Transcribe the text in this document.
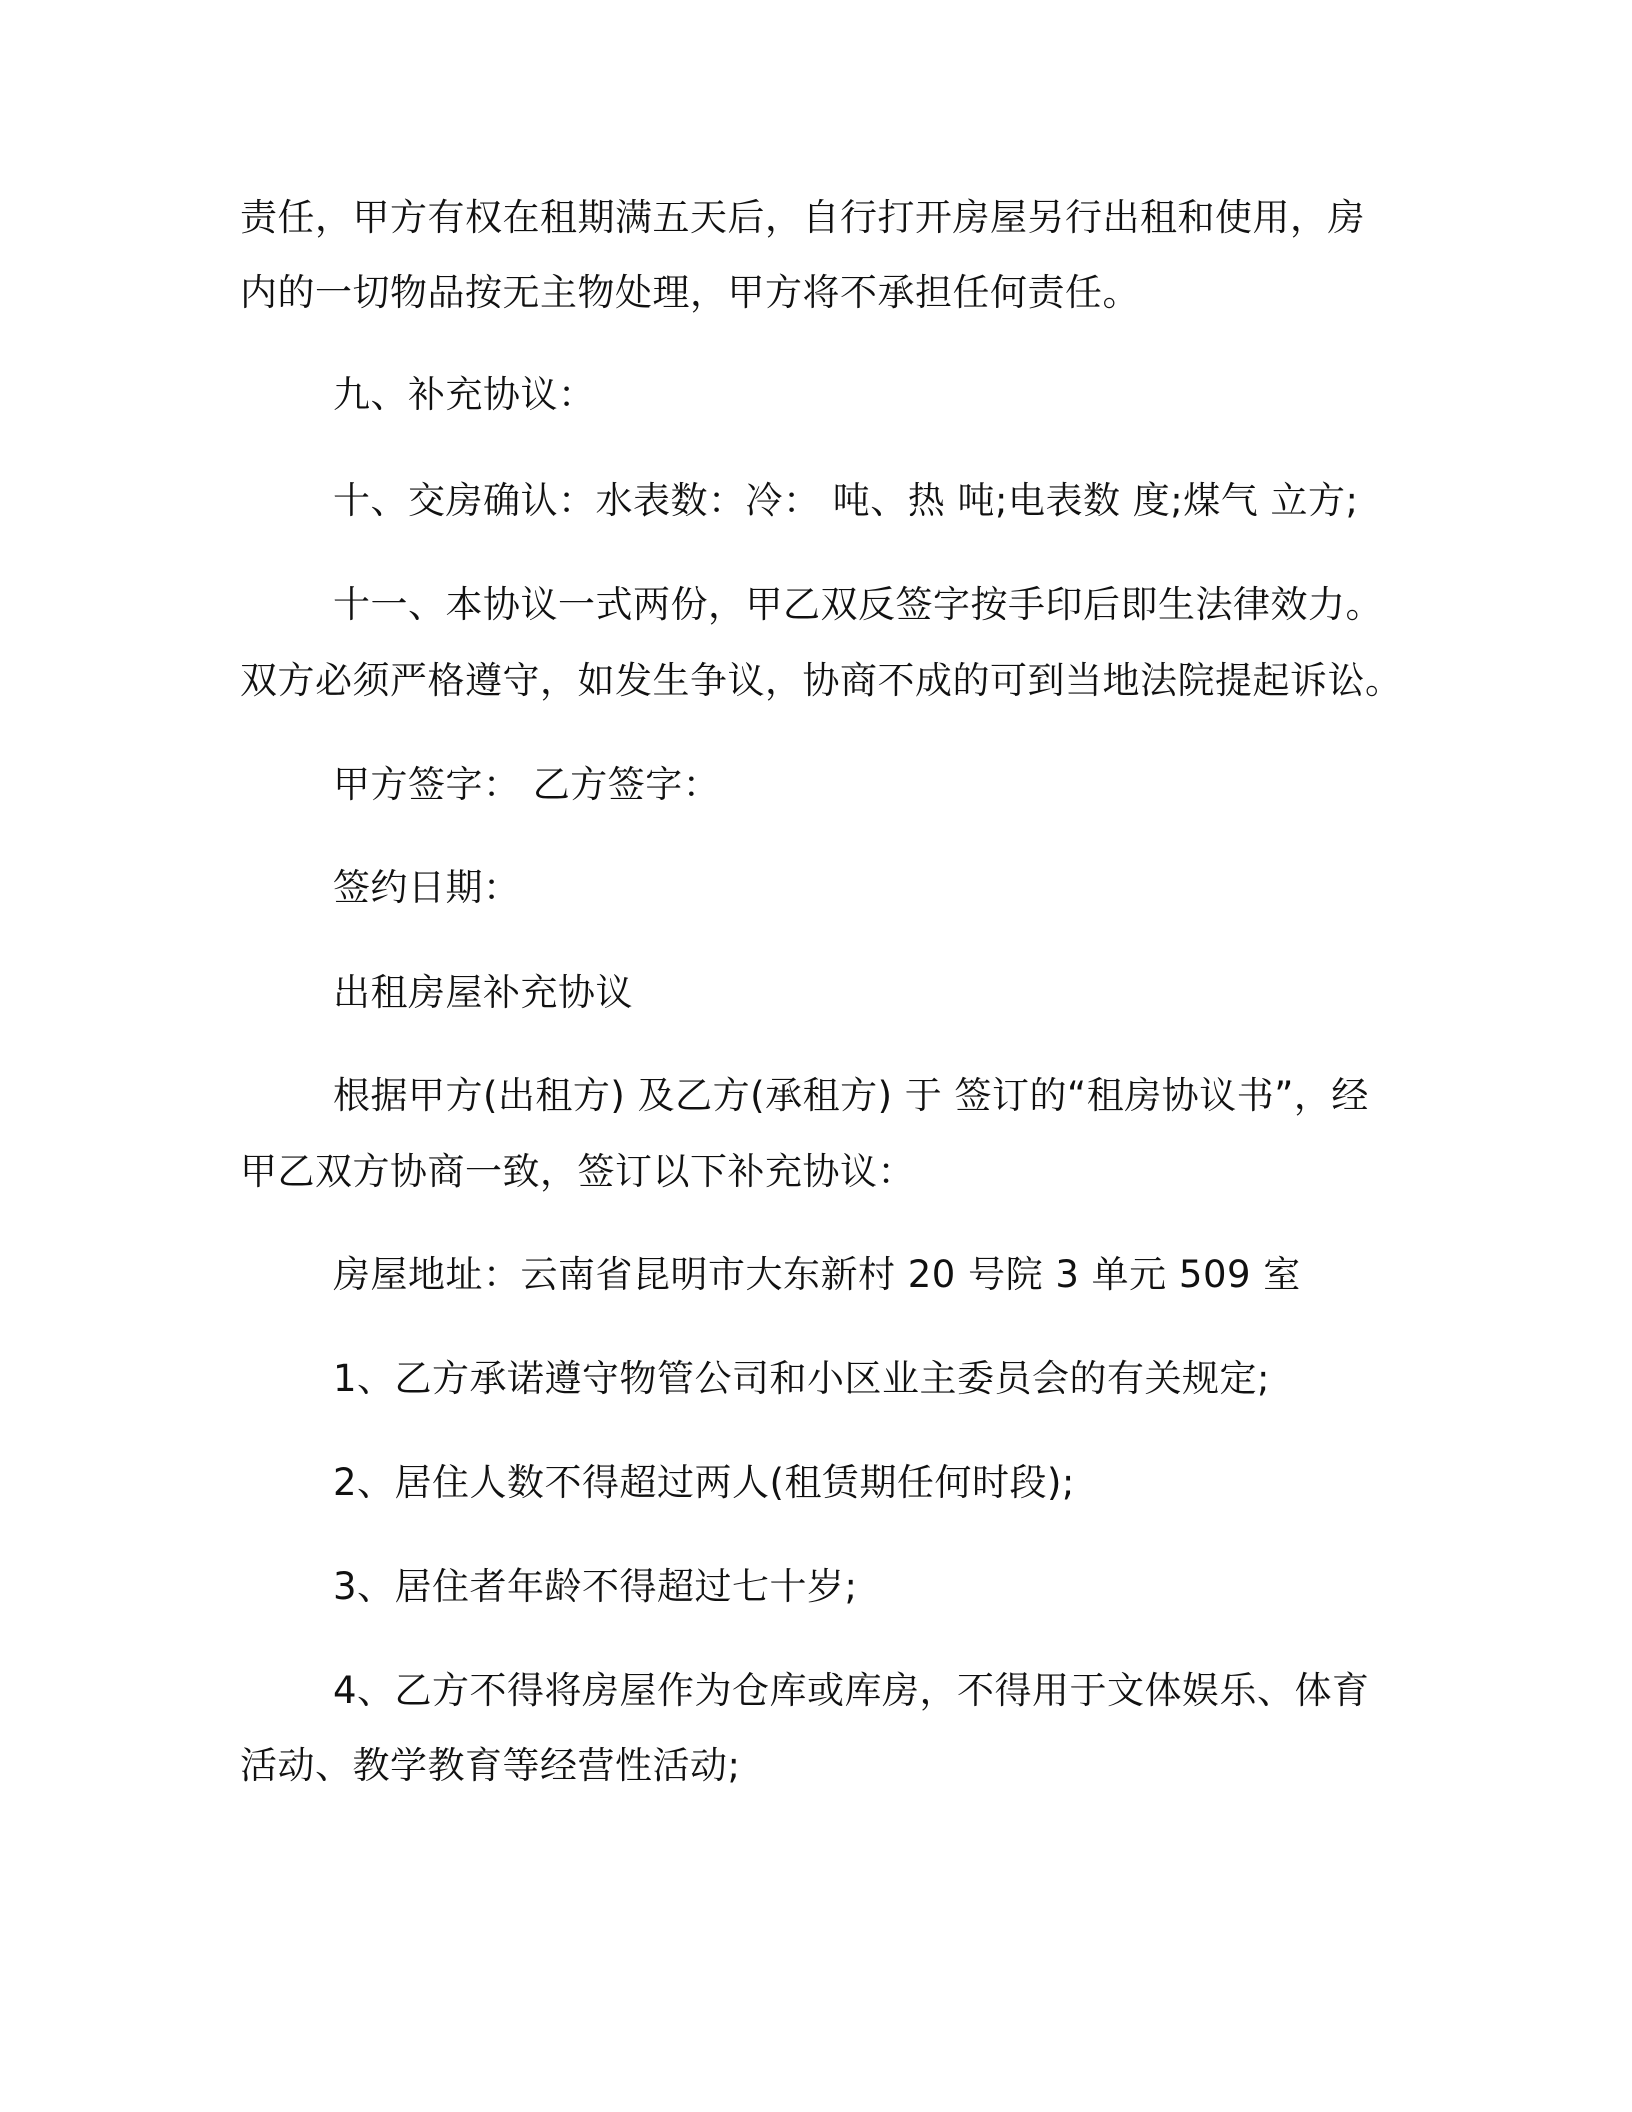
责任，甲方有权在租期满五天后，自行打开房屋另行出租和使用，房
内的一切物品按无主物处理，甲方将不承担任何责任。
九、补充协议：
十、交房确认：水表数：冷： 吨、热 吨;电表数 度;煤气 立方;
十一、本协议一式两份，甲乙双反签字按手印后即生法律效力。
双方必须严格遵守，如发生争议，协商不成的可到当地法院提起诉讼。
甲方签字： 乙方签字：
签约日期：
出租房屋补充协议
根据甲方(出租方) 及乙方(承租方) 于 签订的“租房协议书”，经
甲乙双方协商一致，签订以下补充协议：
房屋地址：云南省昆明市大东新村 20 号院 3 单元 509 室
1、乙方承诺遵守物管公司和小区业主委员会的有关规定;
2、居住人数不得超过两人(租赁期任何时段);
3、居住者年龄不得超过七十岁;
4、乙方不得将房屋作为仓库或库房，不得用于文体娱乐、体育
活动、教学教育等经营性活动;
